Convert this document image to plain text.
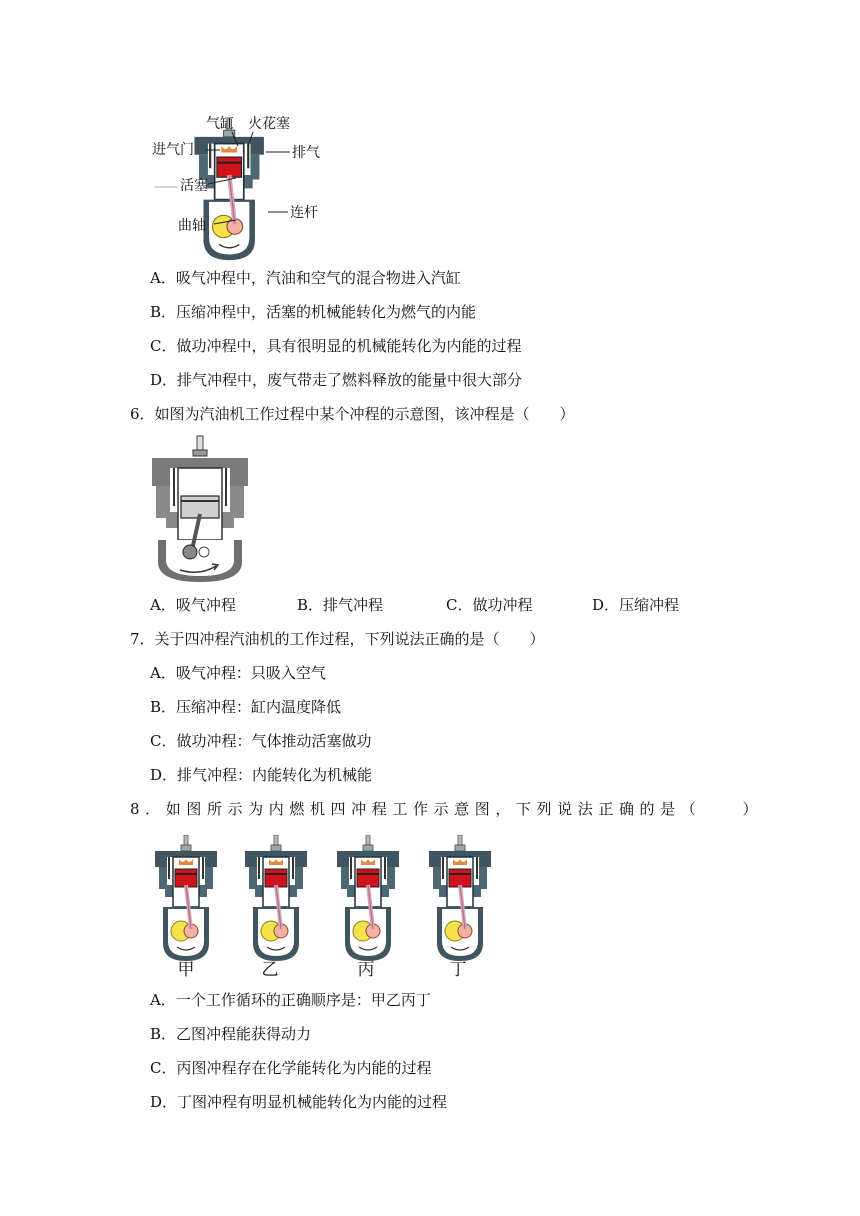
气缸 火花塞
进气门	排气
活塞
连杆
曲轴
A．吸气冲程中，汽油和空气的混合物进入汽缸
B．压缩冲程中，活塞的机械能转化为燃气的内能
C．做功冲程中，具有很明显的机械能转化为内能的过程
D．排气冲程中，废气带走了燃料释放的能量中很大部分
6．如图为汽油机工作过程中某个冲程的示意图，该冲程是（　　）
A．吸气冲程	B．排气冲程	C．做功冲程	D．压缩冲程
7．关于四冲程汽油机的工作过程，下列说法正确的是（　　）
A．吸气冲程：只吸入空气
B．压缩冲程：缸内温度降低
C．做功冲程：气体推动活塞做功
D．排气冲程：内能转化为机械能
8．如图所示为内燃机四冲程工作示意图，下列说法正确的是（　　）
甲	乙	丙	丁
A．一个工作循环的正确顺序是：甲乙丙丁
B．乙图冲程能获得动力
C．丙图冲程存在化学能转化为内能的过程
D．丁图冲程有明显机械能转化为内能的过程
